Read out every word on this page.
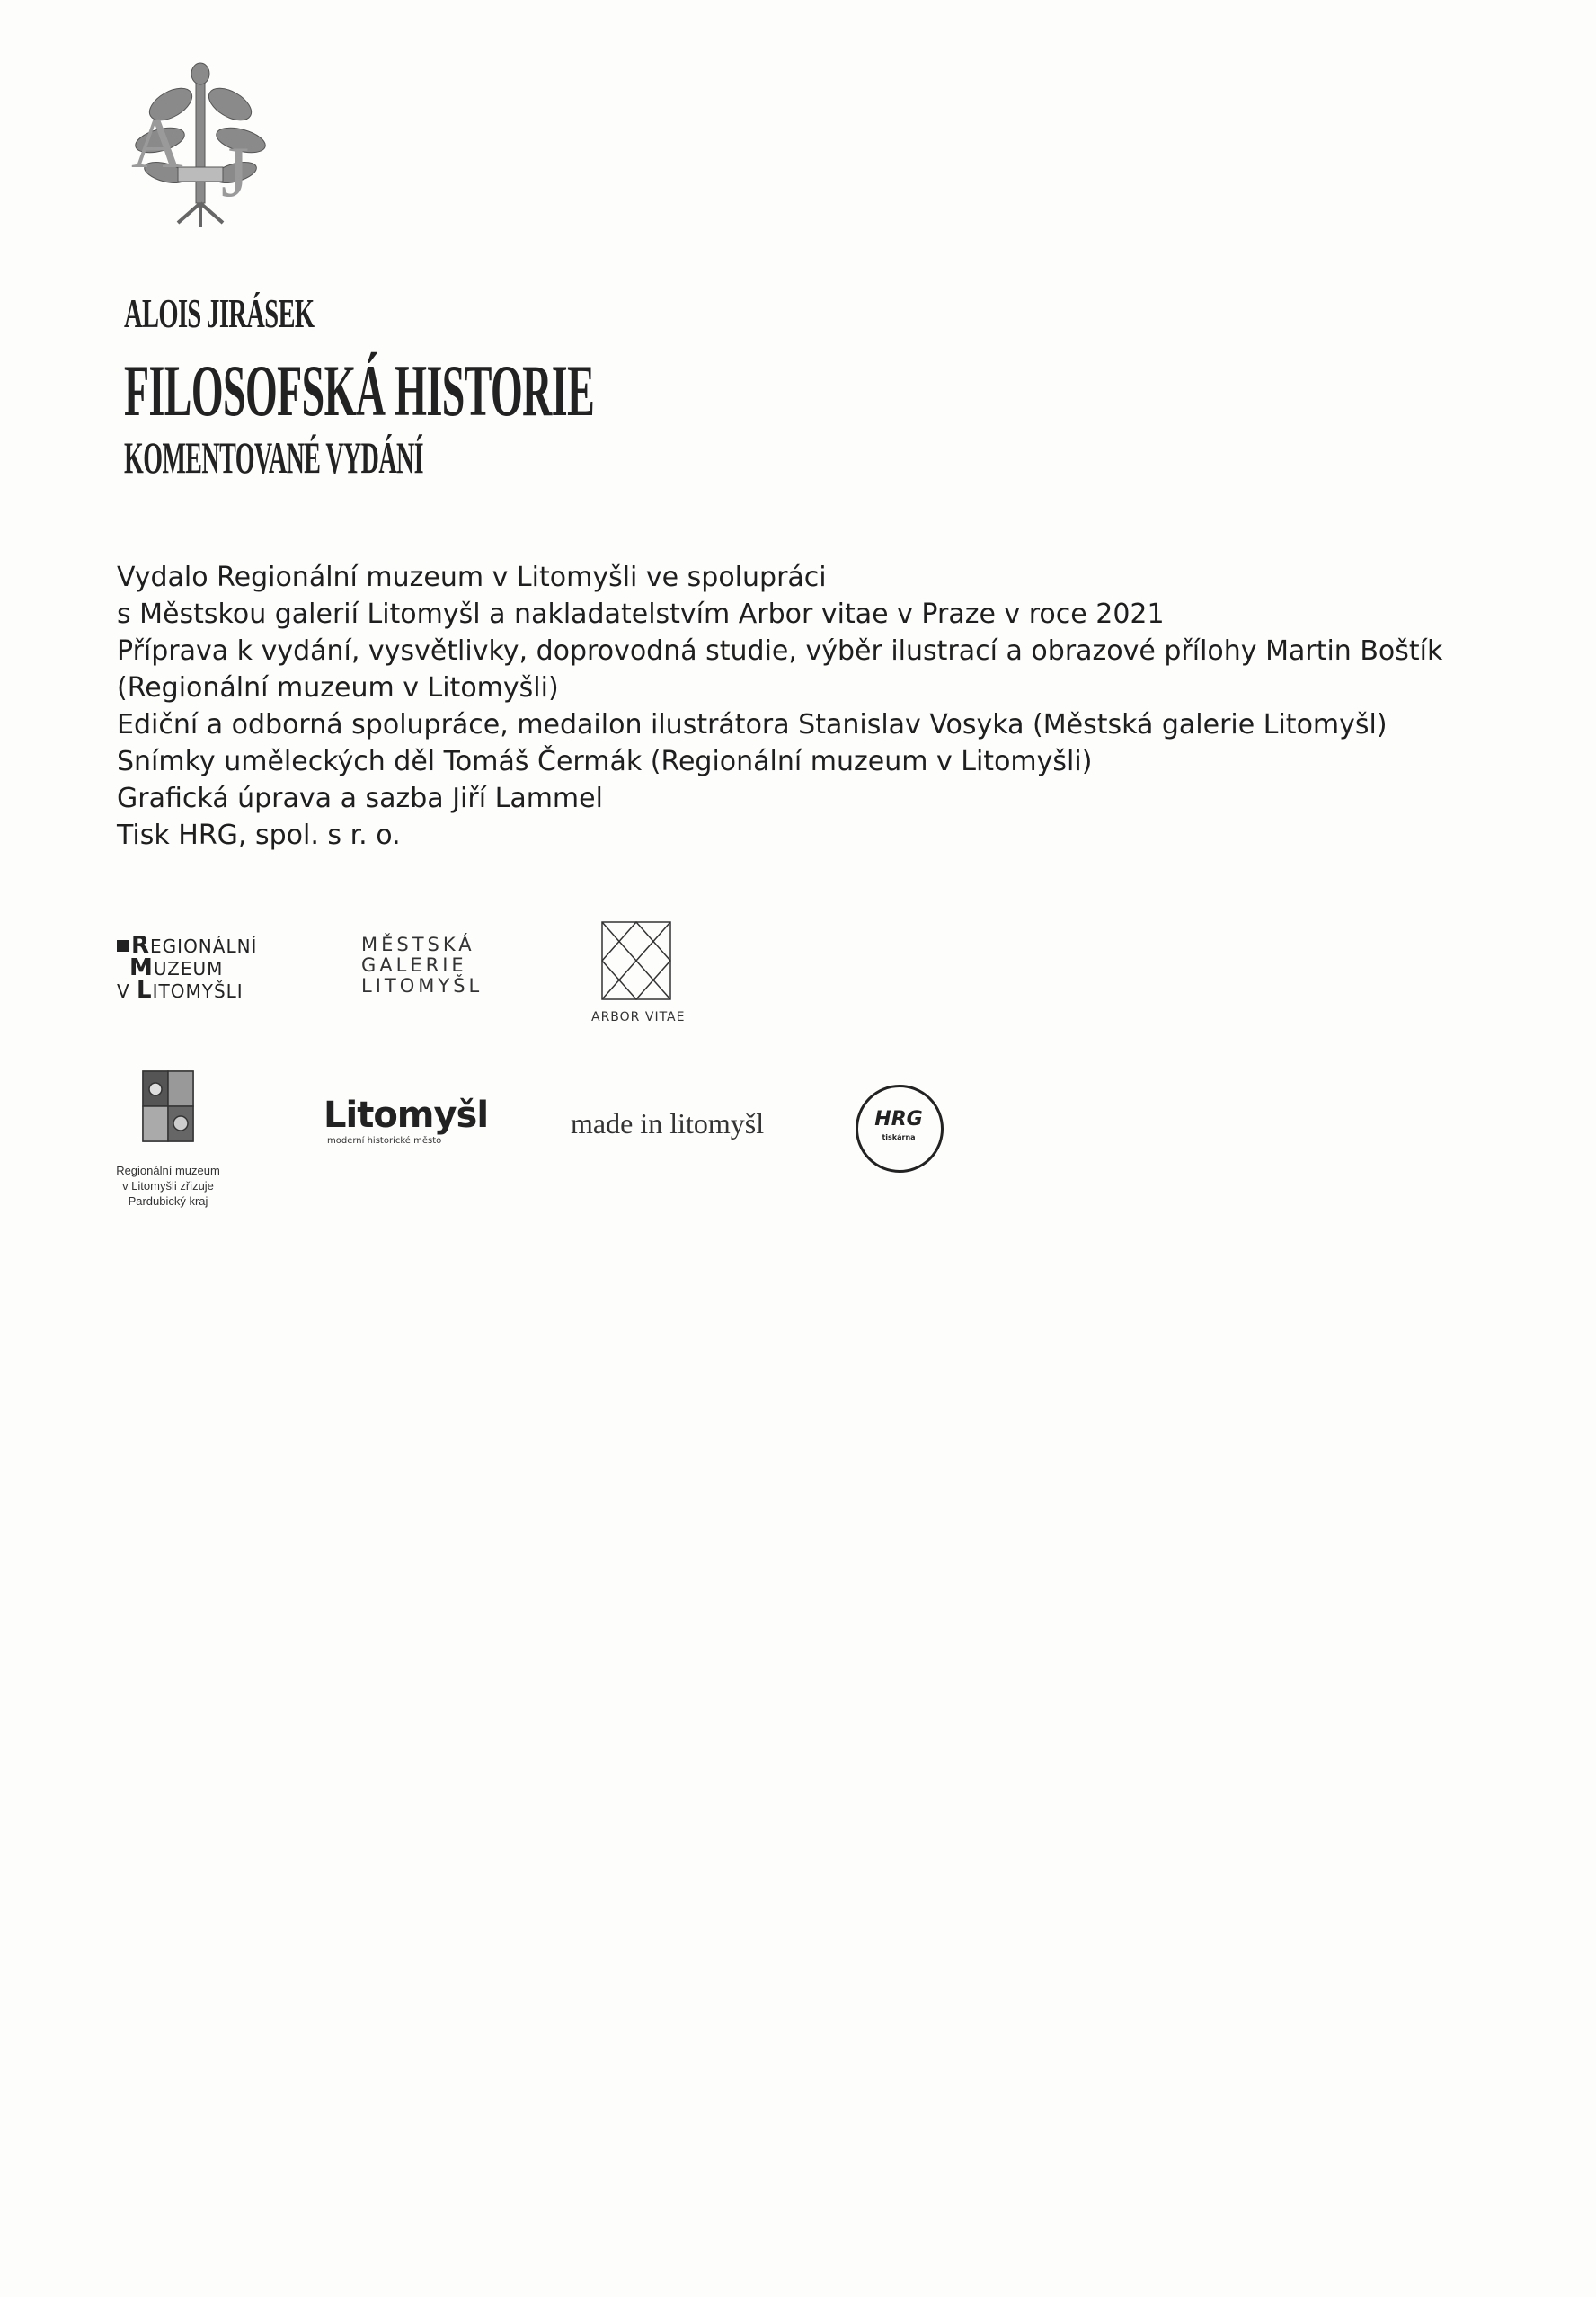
A J
ALOIS JIRÁSEK
FILOSOFSKÁ HISTORIE
KOMENTOVANÉ VYDÁNÍ
Vydalo Regionální muzeum v Litomyšli ve spolupráci
s Městskou galerií Litomyšl a nakladatelstvím Arbor vitae v Praze v roce 2021
Příprava k vydání, vysvětlivky, doprovodná studie, výběr ilustrací a obrazové přílohy Martin Boštík
(Regionální muzeum v Litomyšli)
Ediční a odborná spolupráce, medailon ilustrátora Stanislav Vosyka (Městská galerie Litomyšl)
Snímky uměleckých děl Tomáš Čermák (Regionální muzeum v Litomyšli)
Grafická úprava a sazba Jiří Lammel
Tisk HRG, spol. s r. o.
REGIONÁLNÍ
MUZEUM
V LITOMYŠLI
MĚSTSKÁ
GALERIE
LITOMYŠL
ARBOR VITAE
Regionální muzeum
v Litomyšli zřizuje
Pardubický kraj
Litomyšl
moderní historické město
made in litomyšl	HRG
tiskárna
